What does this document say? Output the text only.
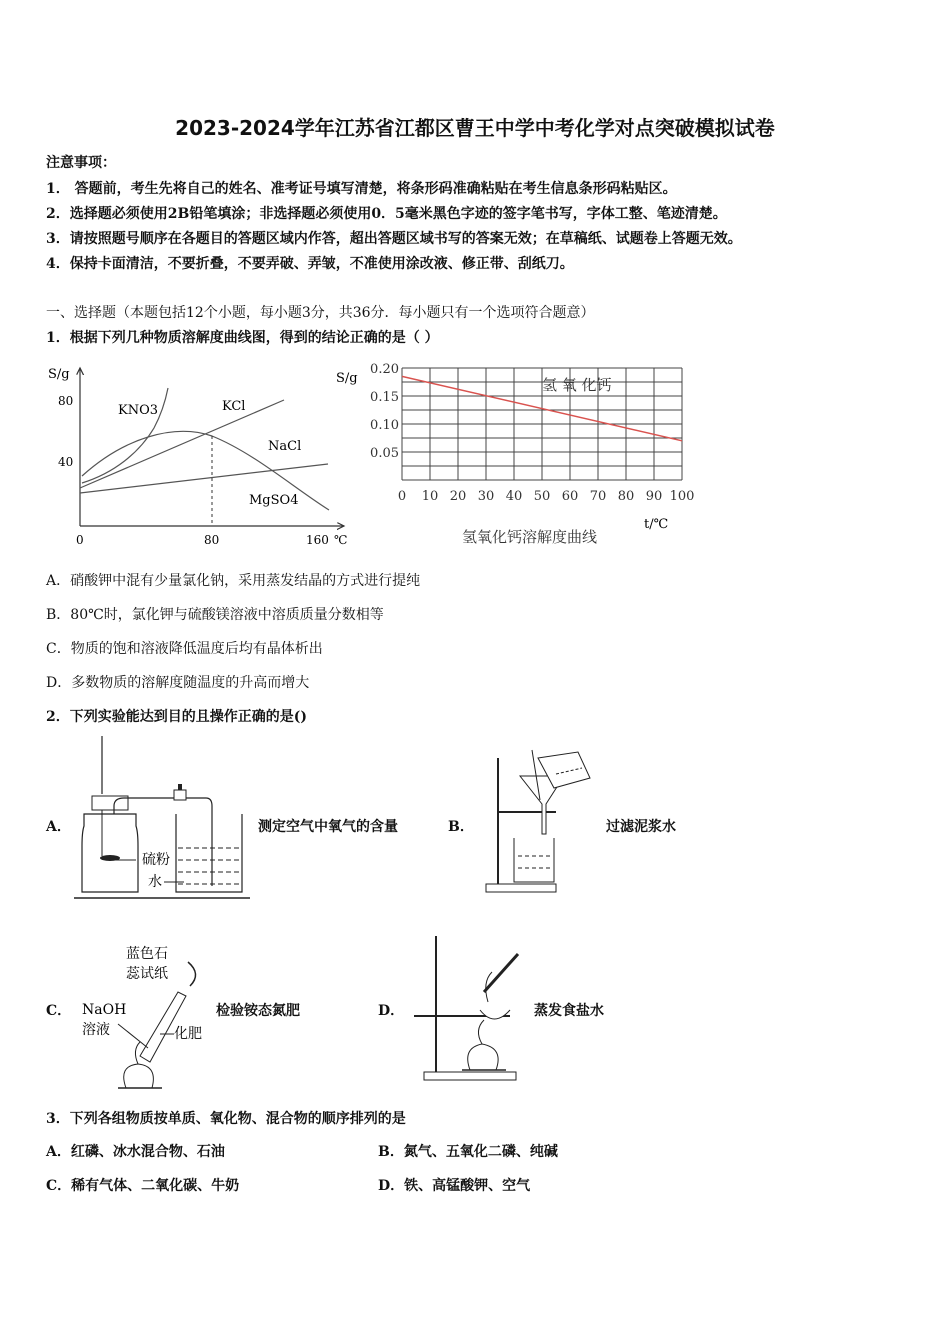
2023-2024学年江苏省江都区曹王中学中考化学对点突破模拟试卷
注意事项：
1． 答题前，考生先将自己的姓名、准考证号填写清楚，将条形码准确粘贴在考生信息条形码粘贴区。
2．选择题必须使用2B铅笔填涂；非选择题必须使用0．5毫米黑色字迹的签字笔书写，字体工整、笔迹清楚。
3．请按照题号顺序在各题目的答题区域内作答，超出答题区域书写的答案无效；在草稿纸、试题卷上答题无效。
4．保持卡面清洁，不要折叠，不要弄破、弄皱，不准使用涂改液、修正带、刮纸刀。
一、选择题（本题包括12个小题，每小题3分，共36分．每小题只有一个选项符合题意）
1．根据下列几种物质溶解度曲线图，得到的结论正确的是（ ）
S/g
80
40
0	80	160 ℃
KNO3	KCl
NaCl
MgSO4	0 10 20 30 40 50 60 70 80 90 100
0.05
0.10
0.15
0.20
S/g	氢 氧 化钙
t/℃
氢氧化钙溶解度曲线
A．硝酸钾中混有少量氯化钠，采用蒸发结晶的方式进行提纯
B．80℃时，氯化钾与硫酸镁溶液中溶质质量分数相等
C．物质的饱和溶液降低温度后均有晶体析出
D．多数物质的溶解度随温度的升高而增大
2．下列实验能达到目的且操作正确的是()
A．
硫粉
水
测定空气中氧气的含量	B．	过滤泥浆水
C．
蓝色石
蕊试纸
NaOH
溶液	化肥
检验铵态氮肥	D．	蒸发食盐水
3．下列各组物质按单质、氧化物、混合物的顺序排列的是
A．红磷、冰水混合物、石油	B．氮气、五氧化二磷、纯碱
C．稀有气体、二氧化碳、牛奶	D．铁、高锰酸钾、空气
